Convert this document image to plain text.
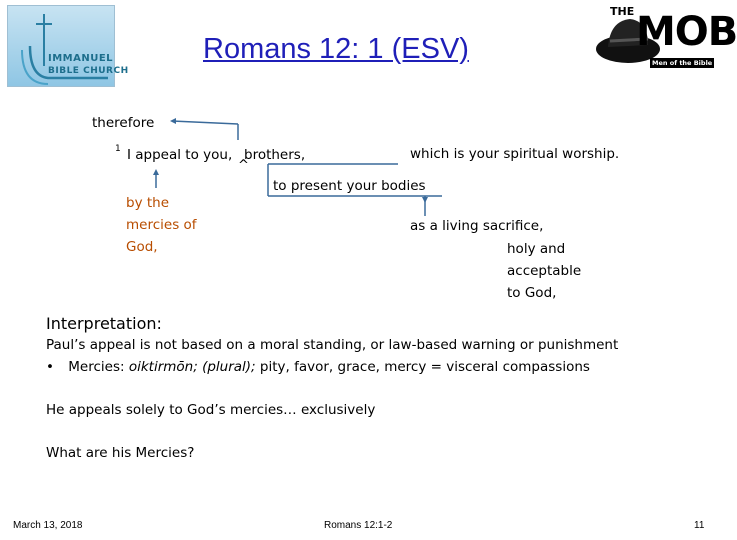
IMMANUEL
BIBLE CHURCH
THE MOB
Men of the Bible
Romans 12: 1 (ESV)
therefore
1 I appeal to you,
^
brothers,	which is your spiritual worship.
to present your bodies
by the
mercies of
God,
as a living sacrifice,
holy and
acceptable
to God,
Interpretation:
Paul’s appeal is not based on a moral standing, or law-based warning or punishment
• Mercies: oiktirmōn; (plural); pity, favor, grace, mercy = visceral compassions
He appeals solely to God’s mercies… exclusively
What are his Mercies?
March 13, 2018	Romans 12:1-2	11
